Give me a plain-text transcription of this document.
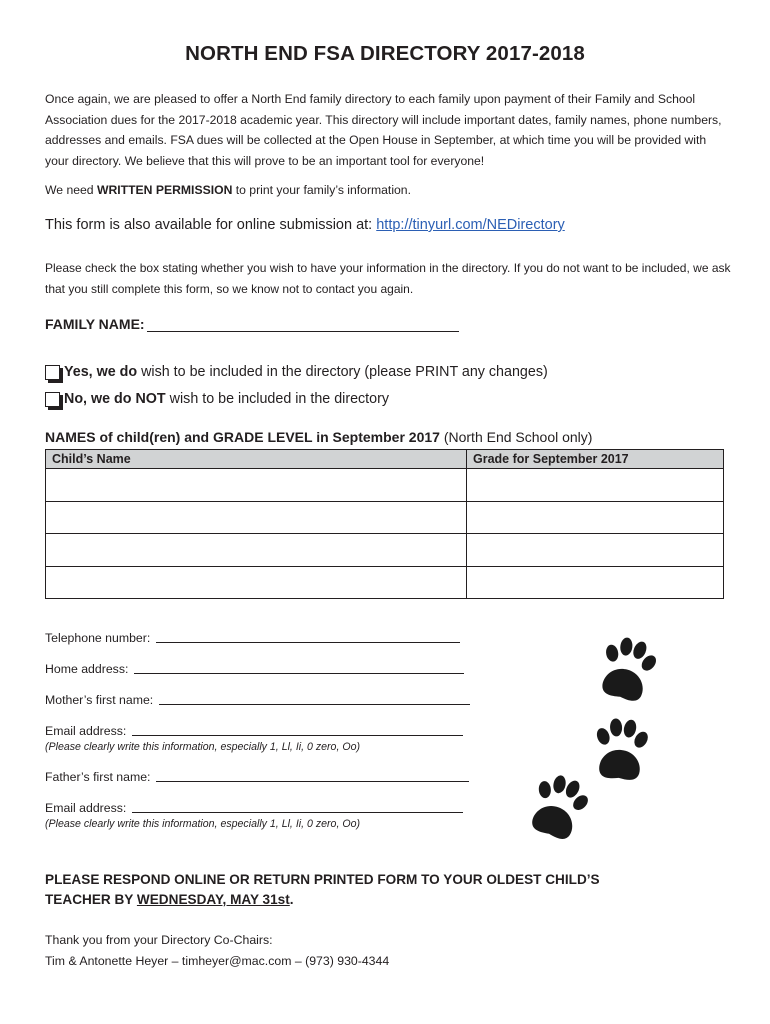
NORTH END FSA DIRECTORY 2017-2018
Once again, we are pleased to offer a North End family directory to each family upon payment of their Family and School Association dues for the 2017-2018 academic year. This directory will include important dates, family names, phone numbers, addresses and emails. FSA dues will be collected at the Open House in September, at which time you will be provided with your directory. We believe that this will prove to be an important tool for everyone!
We need WRITTEN PERMISSION to print your family’s information.
This form is also available for online submission at: http://tinyurl.com/NEDirectory
Please check the box stating whether you wish to have your information in the directory. If you do not want to be included, we ask that you still complete this form, so we know not to contact you again.
FAMILY NAME:
Yes, we do wish to be included in the directory (please PRINT any changes)
No, we do NOT wish to be included in the directory
NAMES of child(ren) and GRADE LEVEL in September 2017 (North End School only)
Child’s Name	Grade for September 2017

Telephone number:
Home address:
Mother’s first name:
Email address:
(Please clearly write this information, especially 1, Ll, Ii, 0 zero, Oo)
Father’s first name:
Email address:
(Please clearly write this information, especially 1, Ll, Ii, 0 zero, Oo)
PLEASE RESPOND ONLINE OR RETURN PRINTED FORM TO YOUR OLDEST CHILD’S
TEACHER BY WEDNESDAY, MAY 31st.
Thank you from your Directory Co-Chairs:
Tim & Antonette Heyer – timheyer@mac.com – (973) 930-4344
